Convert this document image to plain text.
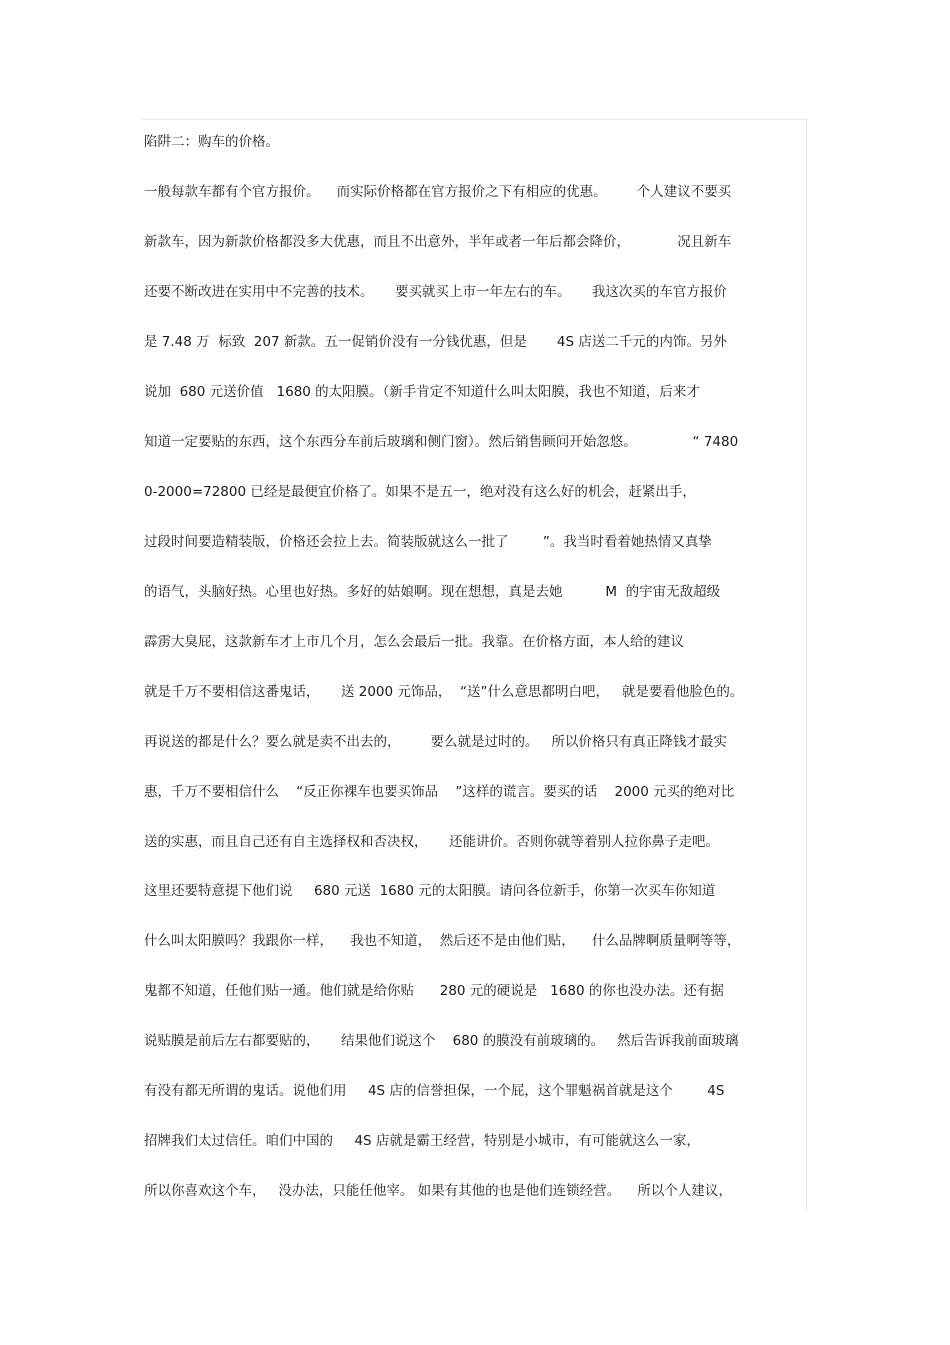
陷阱二：购车的价格。
一般每款车都有个官方报价。    而实际价格都在官方报价之下有相应的优惠。       个人建议不要买
新款车，因为新款价格都没多大优惠，而且不出意外，半年或者一年后都会降价，           况且新车
还要不断改进在实用中不完善的技术。     要买就买上市一年左右的车。     我这次买的车官方报价
是 7.48 万  标致  207 新款。五一促销价没有一分钱优惠，但是       4S 店送二千元的内饰。另外
说加  680 元送价值   1680 的太阳膜。（新手肯定不知道什么叫太阳膜，我也不知道，后来才
知道一定要贴的东西，这个东西分车前后玻璃和侧门窗）。然后销售顾问开始忽悠。             “ 7480
0-2000=72800 已经是最便宜价格了。如果不是五一，绝对没有这么好的机会，赶紧出手，
过段时间要造精装版，价格还会拉上去。简装版就这么一批了        ”。我当时看着她热情又真挚
的语气，头脑好热。心里也好热。多好的姑娘啊。现在想想，真是去她          M  的宇宙无敌超级
霹雳大臭屁，这款新车才上市几个月，怎么会最后一批。我靠。在价格方面，本人给的建议
就是千万不要相信这番鬼话，     送 2000 元饰品，  “送”什么意思都明白吧，   就是要看他脸色的。
再说送的都是什么？要么就是卖不出去的，       要么就是过时的。   所以价格只有真正降钱才最实
惠，千万不要相信什么    “反正你裸车也要买饰品    ”这样的谎言。要买的话    2000 元买的绝对比
送的实惠，而且自己还有自主选择权和否决权，     还能讲价。否则你就等着别人拉你鼻子走吧。
这里还要特意提下他们说     680 元送  1680 元的太阳膜。请问各位新手，你第一次买车你知道
什么叫太阳膜吗？我跟你一样，    我也不知道，  然后还不是由他们贴，    什么品牌啊质量啊等等，
鬼都不知道，任他们贴一通。他们就是给你贴      280 元的硬说是   1680 的你也没办法。还有据
说贴膜是前后左右都要贴的，     结果他们说这个    680 的膜没有前玻璃的。   然后告诉我前面玻璃
有没有都无所谓的鬼话。说他们用     4S 店的信誉担保，一个屁，这个罪魁祸首就是这个        4S
招牌我们太过信任。咱们中国的     4S 店就是霸王经营，特别是小城市，有可能就这么一家，
所以你喜欢这个车，   没办法，只能任他宰。 如果有其他的也是他们连锁经营。    所以个人建议，
